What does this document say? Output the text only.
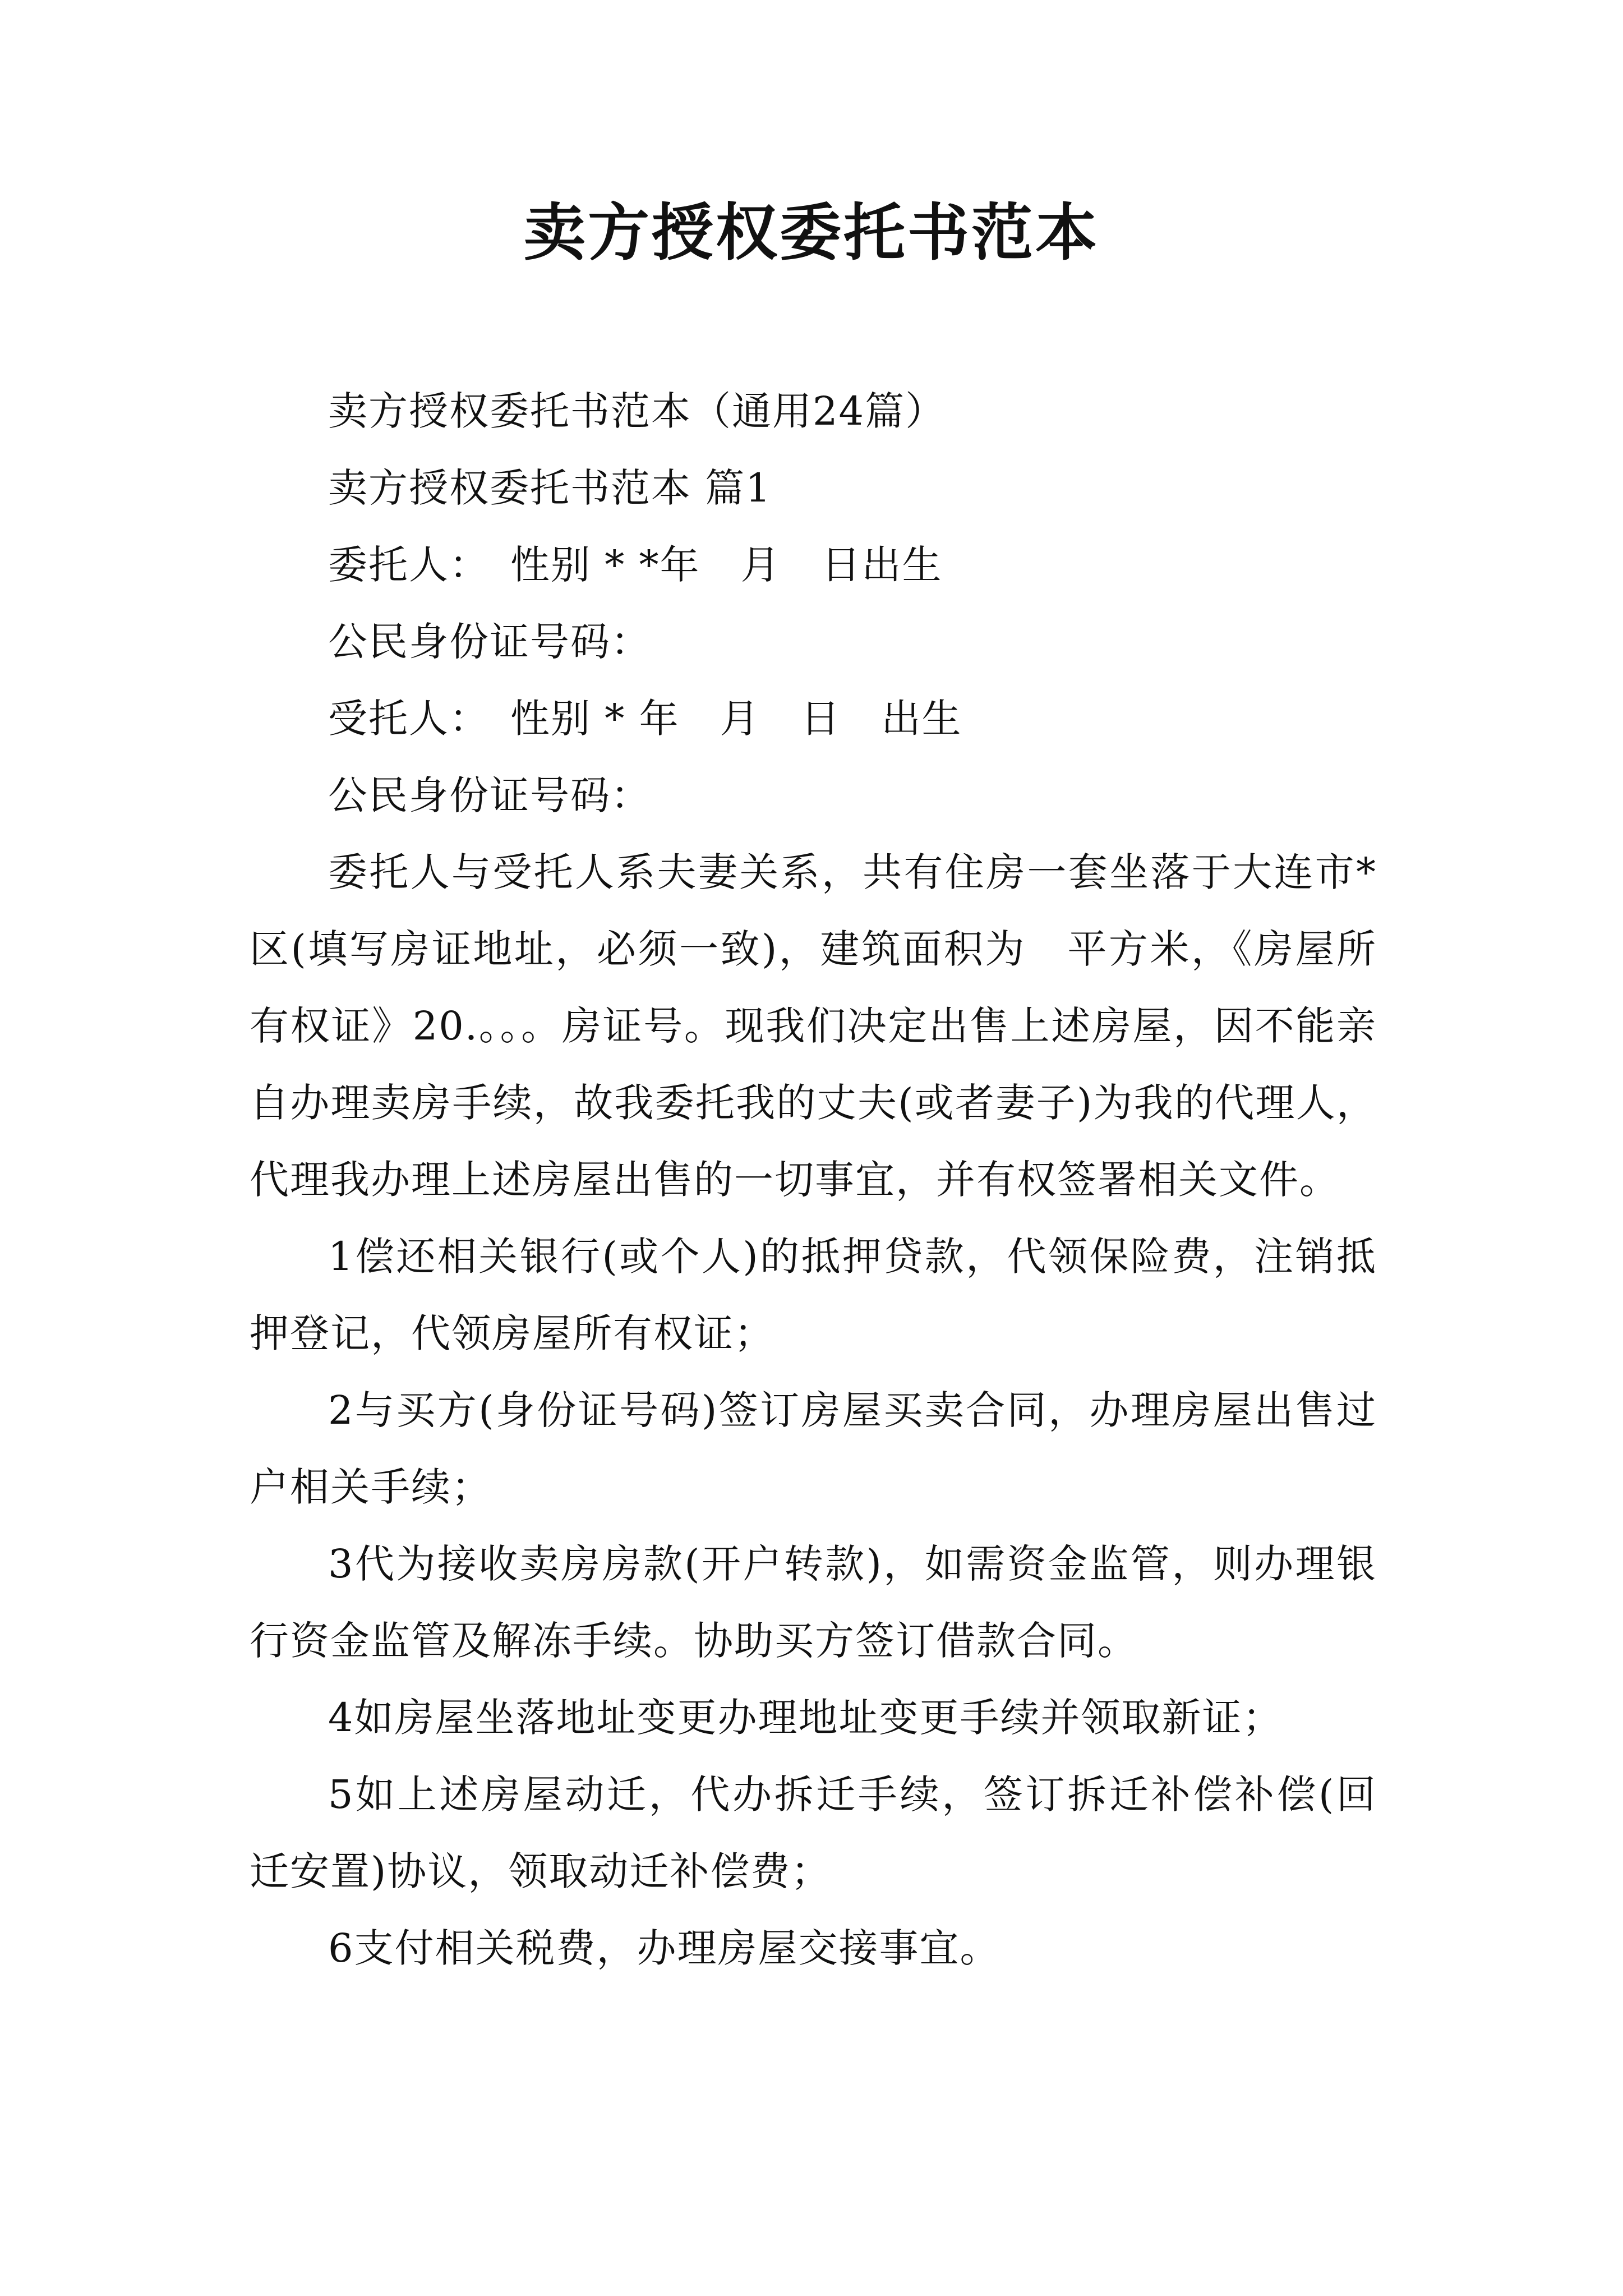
卖方授权委托书范本

卖方授权委托书范本（通用24篇）

卖方授权委托书范本 篇1

委托人：　性别 * *年　月　日出生

公民身份证号码：

受托人：　性别 * 年　月　日　出生

公民身份证号码：

委托人与受托人系夫妻关系，共有住房一套坐落于大连市*区(填写房证地址，必须一致)，建筑面积为　平方米，《房屋所有权证》20.。。。房证号。现我们决定出售上述房屋，因不能亲自办理卖房手续，故我委托我的丈夫(或者妻子)为我的代理人，代理我办理上述房屋出售的一切事宜，并有权签署相关文件。

1偿还相关银行(或个人)的抵押贷款，代领保险费，注销抵押登记，代领房屋所有权证；

2与买方(身份证号码)签订房屋买卖合同，办理房屋出售过户相关手续；

3代为接收卖房房款(开户转款)，如需资金监管，则办理银行资金监管及解冻手续。协助买方签订借款合同。

4如房屋坐落地址变更办理地址变更手续并领取新证；

5如上述房屋动迁，代办拆迁手续，签订拆迁补偿补偿(回迁安置)协议，领取动迁补偿费；

6支付相关税费，办理房屋交接事宜。
